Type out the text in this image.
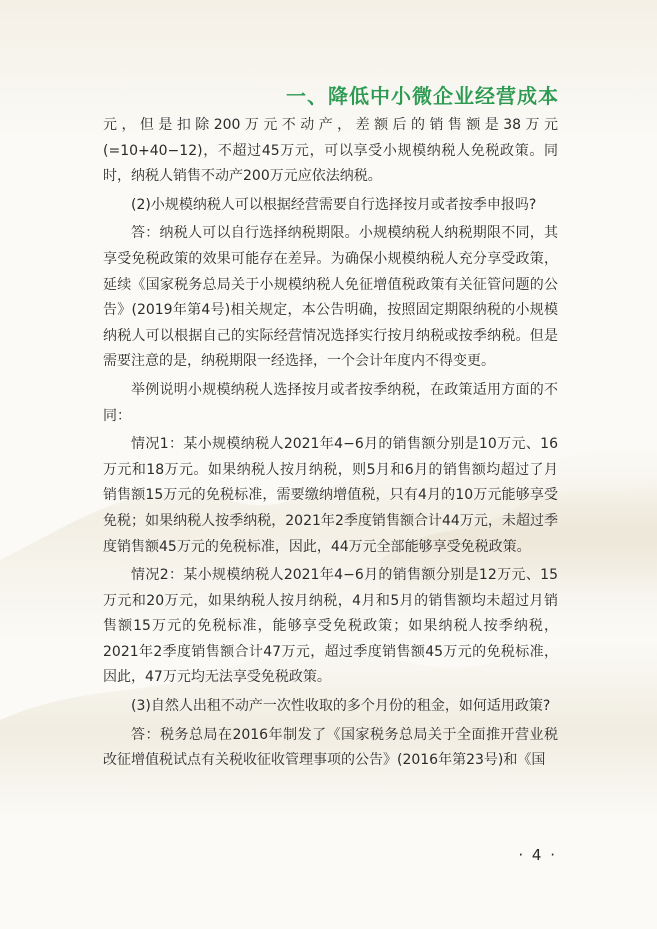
一、降低中小微企业经营成本

元，但是扣除200万元不动产，差额后的销售额是38万元(=10+40−12)，不超过45万元，可以享受小规模纳税人免税政策。同时，纳税人销售不动产200万元应依法纳税。

(2)小规模纳税人可以根据经营需要自行选择按月或者按季申报吗?

答：纳税人可以自行选择纳税期限。小规模纳税人纳税期限不同，其享受免税政策的效果可能存在差异。为确保小规模纳税人充分享受政策，延续《国家税务总局关于小规模纳税人免征增值税政策有关征管问题的公告》(2019年第4号)相关规定，本公告明确，按照固定期限纳税的小规模纳税人可以根据自己的实际经营情况选择实行按月纳税或按季纳税。但是需要注意的是，纳税期限一经选择，一个会计年度内不得变更。

举例说明小规模纳税人选择按月或者按季纳税，在政策适用方面的不同：

情况1：某小规模纳税人2021年4−6月的销售额分别是10万元、16万元和18万元。如果纳税人按月纳税，则5月和6月的销售额均超过了月销售额15万元的免税标准，需要缴纳增值税，只有4月的10万元能够享受免税；如果纳税人按季纳税，2021年2季度销售额合计44万元，未超过季度销售额45万元的免税标准，因此，44万元全部能够享受免税政策。

情况2：某小规模纳税人2021年4−6月的销售额分别是12万元、15万元和20万元，如果纳税人按月纳税，4月和5月的销售额均未超过月销售额15万元的免税标准，能够享受免税政策；如果纳税人按季纳税，2021年2季度销售额合计47万元，超过季度销售额45万元的免税标准，因此，47万元均无法享受免税政策。

(3)自然人出租不动产一次性收取的多个月份的租金，如何适用政策?

答：税务总局在2016年制发了《国家税务总局关于全面推开营业税改征增值税试点有关税收征收管理事项的公告》(2016年第23号)和《国

· 4 ·
